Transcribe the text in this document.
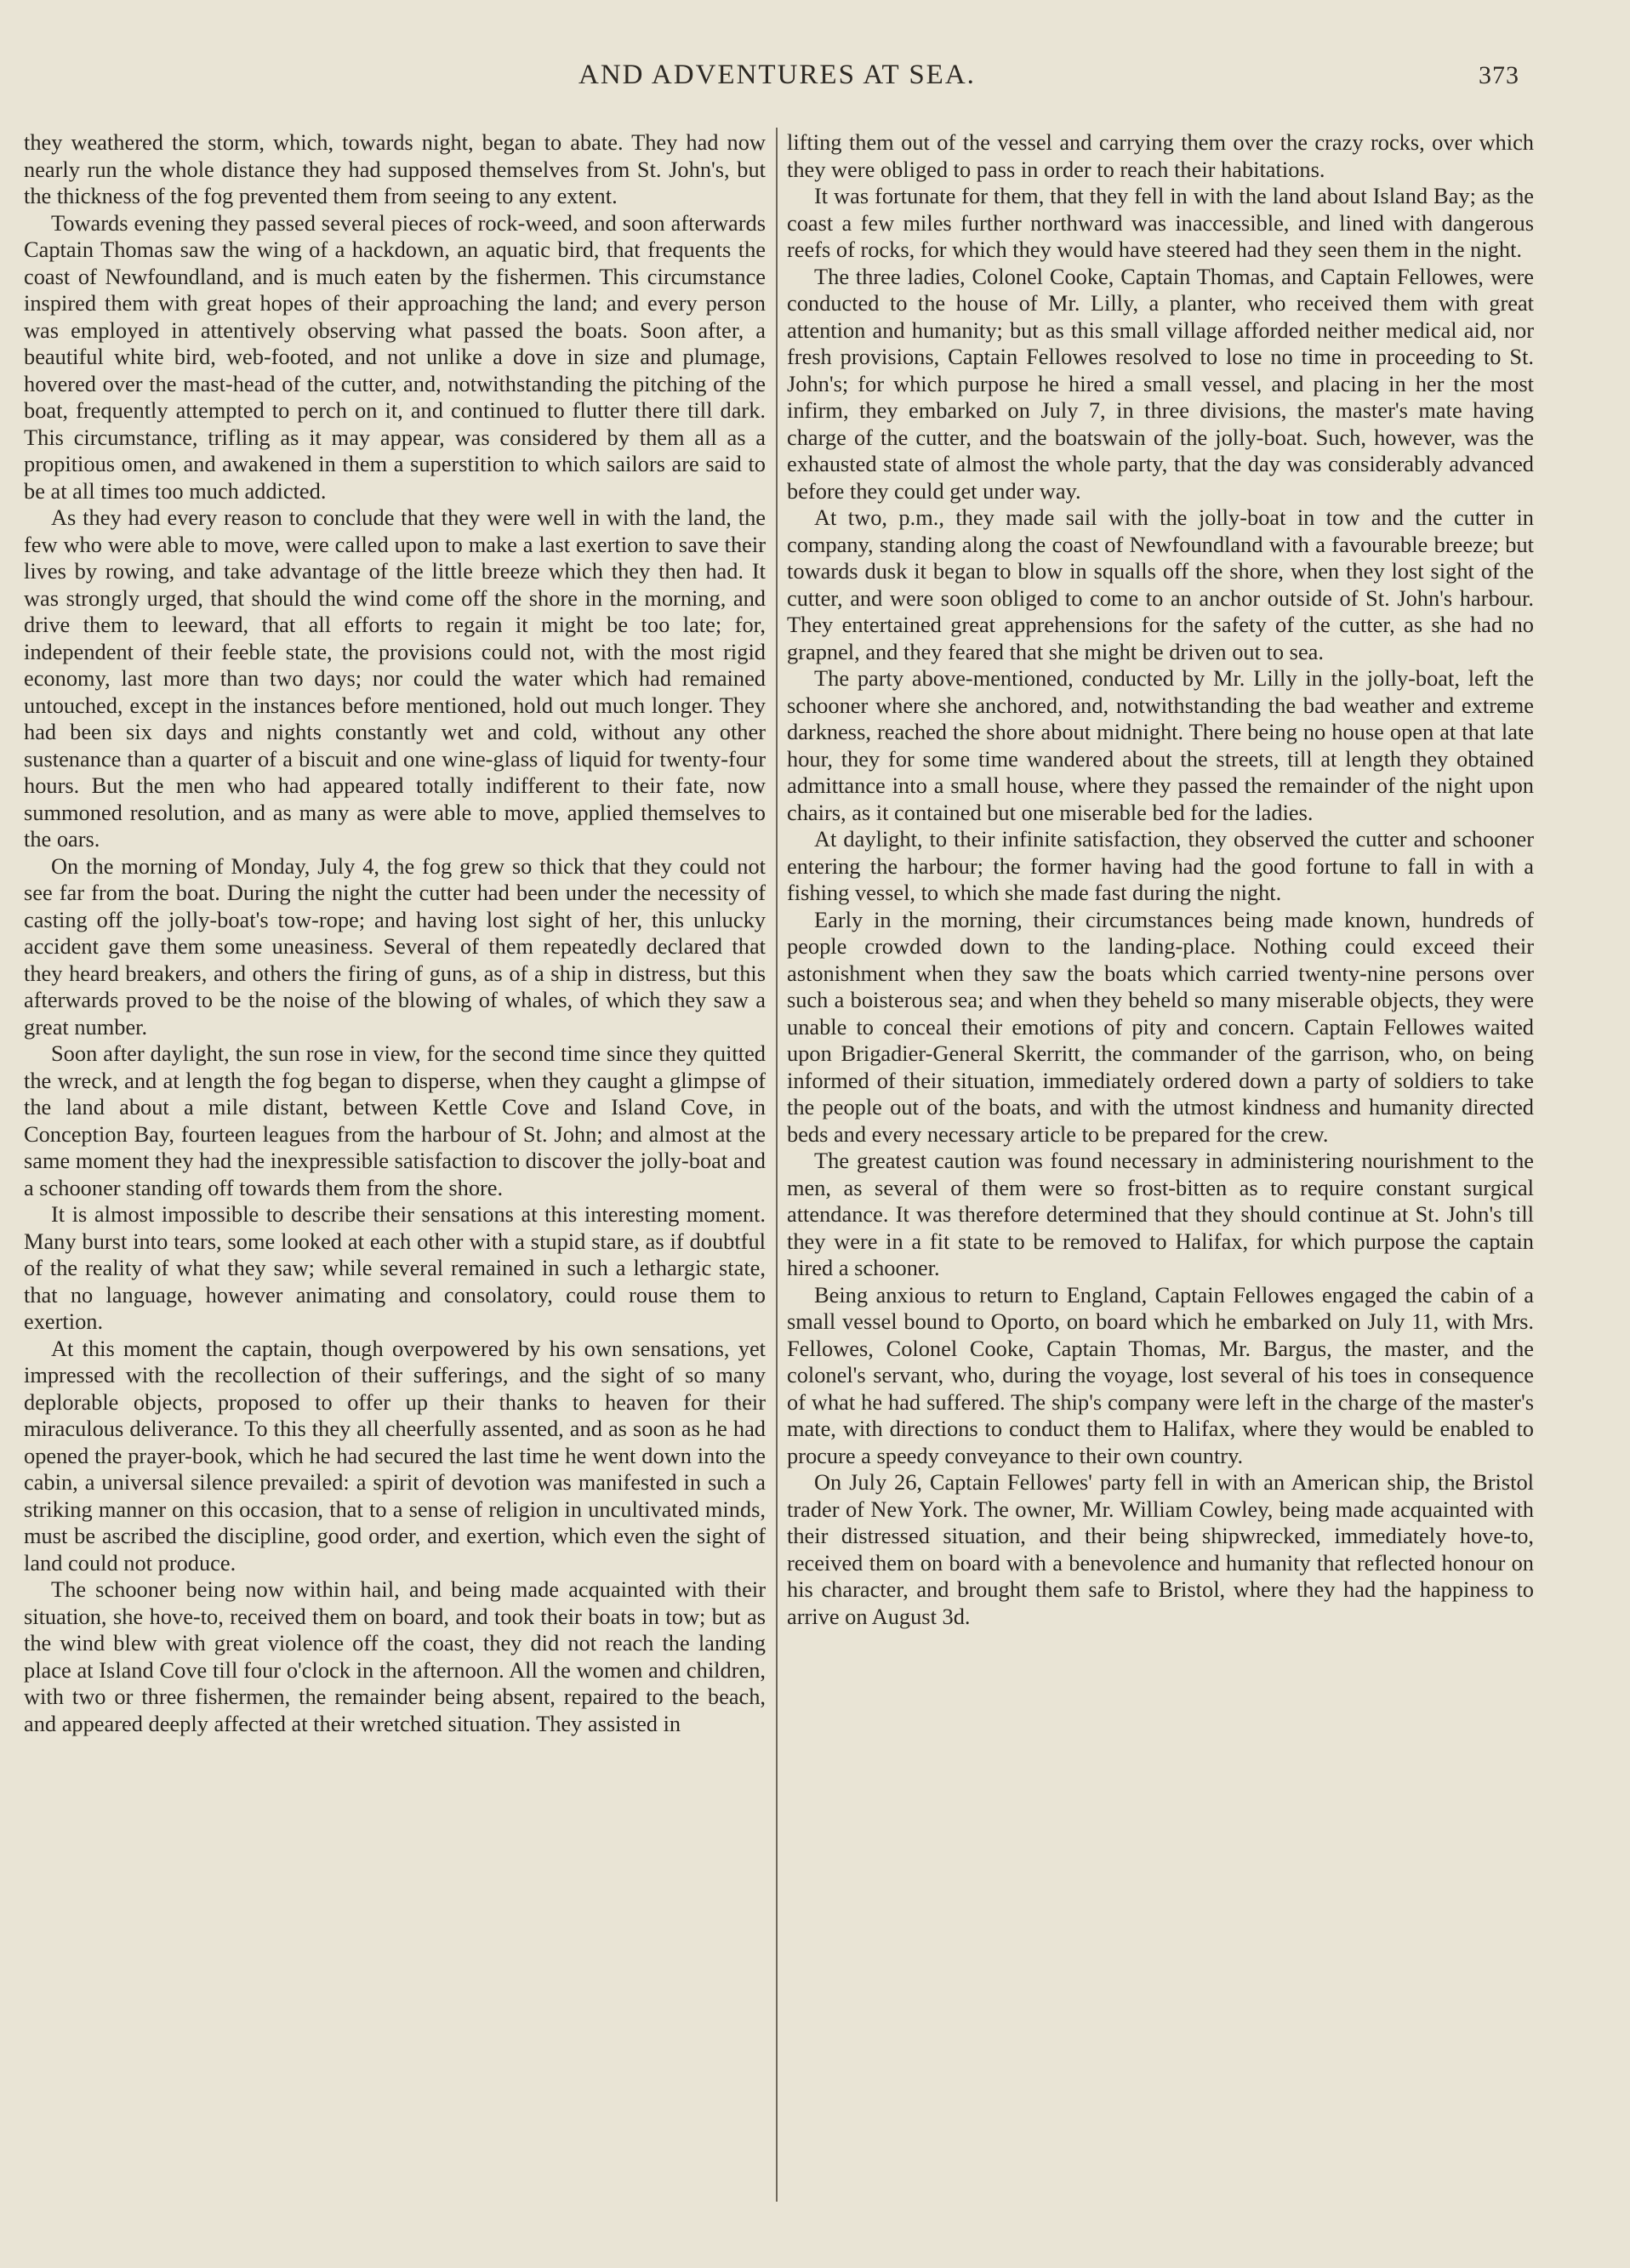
AND ADVENTURES AT SEA.	373

they weathered the storm, which, towards night, began to abate. They had now nearly run the whole distance they had supposed themselves from St. John's, but the thickness of the fog prevented them from seeing to any extent.

Towards evening they passed several pieces of rock-weed, and soon afterwards Captain Thomas saw the wing of a hackdown, an aquatic bird, that frequents the coast of Newfoundland, and is much eaten by the fishermen. This circumstance inspired them with great hopes of their approaching the land; and every person was employed in attentively observing what passed the boats. Soon after, a beautiful white bird, web-footed, and not unlike a dove in size and plumage, hovered over the mast-head of the cutter, and, notwithstanding the pitching of the boat, frequently attempted to perch on it, and continued to flutter there till dark. This circumstance, trifling as it may appear, was considered by them all as a propitious omen, and awakened in them a superstition to which sailors are said to be at all times too much addicted.

As they had every reason to conclude that they were well in with the land, the few who were able to move, were called upon to make a last exertion to save their lives by rowing, and take advantage of the little breeze which they then had. It was strongly urged, that should the wind come off the shore in the morning, and drive them to leeward, that all efforts to regain it might be too late; for, independent of their feeble state, the provisions could not, with the most rigid economy, last more than two days; nor could the water which had remained untouched, except in the instances before mentioned, hold out much longer. They had been six days and nights constantly wet and cold, without any other sustenance than a quarter of a biscuit and one wine-glass of liquid for twenty-four hours. But the men who had appeared totally indifferent to their fate, now summoned resolution, and as many as were able to move, applied themselves to the oars.

On the morning of Monday, July 4, the fog grew so thick that they could not see far from the boat. During the night the cutter had been under the necessity of casting off the jolly-boat's tow-rope; and having lost sight of her, this unlucky accident gave them some uneasiness. Several of them repeatedly declared that they heard breakers, and others the firing of guns, as of a ship in distress, but this afterwards proved to be the noise of the blowing of whales, of which they saw a great number.

Soon after daylight, the sun rose in view, for the second time since they quitted the wreck, and at length the fog began to disperse, when they caught a glimpse of the land about a mile distant, between Kettle Cove and Island Cove, in Conception Bay, fourteen leagues from the harbour of St. John; and almost at the same moment they had the inexpressible satisfaction to discover the jolly-boat and a schooner standing off towards them from the shore.

It is almost impossible to describe their sensations at this interesting moment. Many burst into tears, some looked at each other with a stupid stare, as if doubtful of the reality of what they saw; while several remained in such a lethargic state, that no language, however animating and consolatory, could rouse them to exertion.

At this moment the captain, though overpowered by his own sensations, yet impressed with the recollection of their sufferings, and the sight of so many deplorable objects, proposed to offer up their thanks to heaven for their miraculous deliverance. To this they all cheerfully assented, and as soon as he had opened the prayer-book, which he had secured the last time he went down into the cabin, a universal silence prevailed: a spirit of devotion was manifested in such a striking manner on this occasion, that to a sense of religion in uncultivated minds, must be ascribed the discipline, good order, and exertion, which even the sight of land could not produce.

The schooner being now within hail, and being made acquainted with their situation, she hove-to, received them on board, and took their boats in tow; but as the wind blew with great violence off the coast, they did not reach the landing place at Island Cove till four o'clock in the afternoon. All the women and children, with two or three fishermen, the remainder being absent, repaired to the beach, and appeared deeply affected at their wretched situation. They assisted in

lifting them out of the vessel and carrying them over the crazy rocks, over which they were obliged to pass in order to reach their habitations.

It was fortunate for them, that they fell in with the land about Island Bay; as the coast a few miles further northward was inaccessible, and lined with dangerous reefs of rocks, for which they would have steered had they seen them in the night.

The three ladies, Colonel Cooke, Captain Thomas, and Captain Fellowes, were conducted to the house of Mr. Lilly, a planter, who received them with great attention and humanity; but as this small village afforded neither medical aid, nor fresh provisions, Captain Fellowes resolved to lose no time in proceeding to St. John's; for which purpose he hired a small vessel, and placing in her the most infirm, they embarked on July 7, in three divisions, the master's mate having charge of the cutter, and the boatswain of the jolly-boat. Such, however, was the exhausted state of almost the whole party, that the day was considerably advanced before they could get under way.

At two, p.m., they made sail with the jolly-boat in tow and the cutter in company, standing along the coast of Newfoundland with a favourable breeze; but towards dusk it began to blow in squalls off the shore, when they lost sight of the cutter, and were soon obliged to come to an anchor outside of St. John's harbour. They entertained great apprehensions for the safety of the cutter, as she had no grapnel, and they feared that she might be driven out to sea.

The party above-mentioned, conducted by Mr. Lilly in the jolly-boat, left the schooner where she anchored, and, notwithstanding the bad weather and extreme darkness, reached the shore about midnight. There being no house open at that late hour, they for some time wandered about the streets, till at length they obtained admittance into a small house, where they passed the remainder of the night upon chairs, as it contained but one miserable bed for the ladies.

At daylight, to their infinite satisfaction, they observed the cutter and schooner entering the harbour; the former having had the good fortune to fall in with a fishing vessel, to which she made fast during the night.

Early in the morning, their circumstances being made known, hundreds of people crowded down to the landing-place. Nothing could exceed their astonishment when they saw the boats which carried twenty-nine persons over such a boisterous sea; and when they beheld so many miserable objects, they were unable to conceal their emotions of pity and concern. Captain Fellowes waited upon Brigadier-General Skerritt, the commander of the garrison, who, on being informed of their situation, immediately ordered down a party of soldiers to take the people out of the boats, and with the utmost kindness and humanity directed beds and every necessary article to be prepared for the crew.

The greatest caution was found necessary in administering nourishment to the men, as several of them were so frost-bitten as to require constant surgical attendance. It was therefore determined that they should continue at St. John's till they were in a fit state to be removed to Halifax, for which purpose the captain hired a schooner.

Being anxious to return to England, Captain Fellowes engaged the cabin of a small vessel bound to Oporto, on board which he embarked on July 11, with Mrs. Fellowes, Colonel Cooke, Captain Thomas, Mr. Bargus, the master, and the colonel's servant, who, during the voyage, lost several of his toes in consequence of what he had suffered. The ship's company were left in the charge of the master's mate, with directions to conduct them to Halifax, where they would be enabled to procure a speedy conveyance to their own country.

On July 26, Captain Fellowes' party fell in with an American ship, the Bristol trader of New York. The owner, Mr. William Cowley, being made acquainted with their distressed situation, and their being shipwrecked, immediately hove-to, received them on board with a benevolence and humanity that reflected honour on his character, and brought them safe to Bristol, where they had the happiness to arrive on August 3d.
